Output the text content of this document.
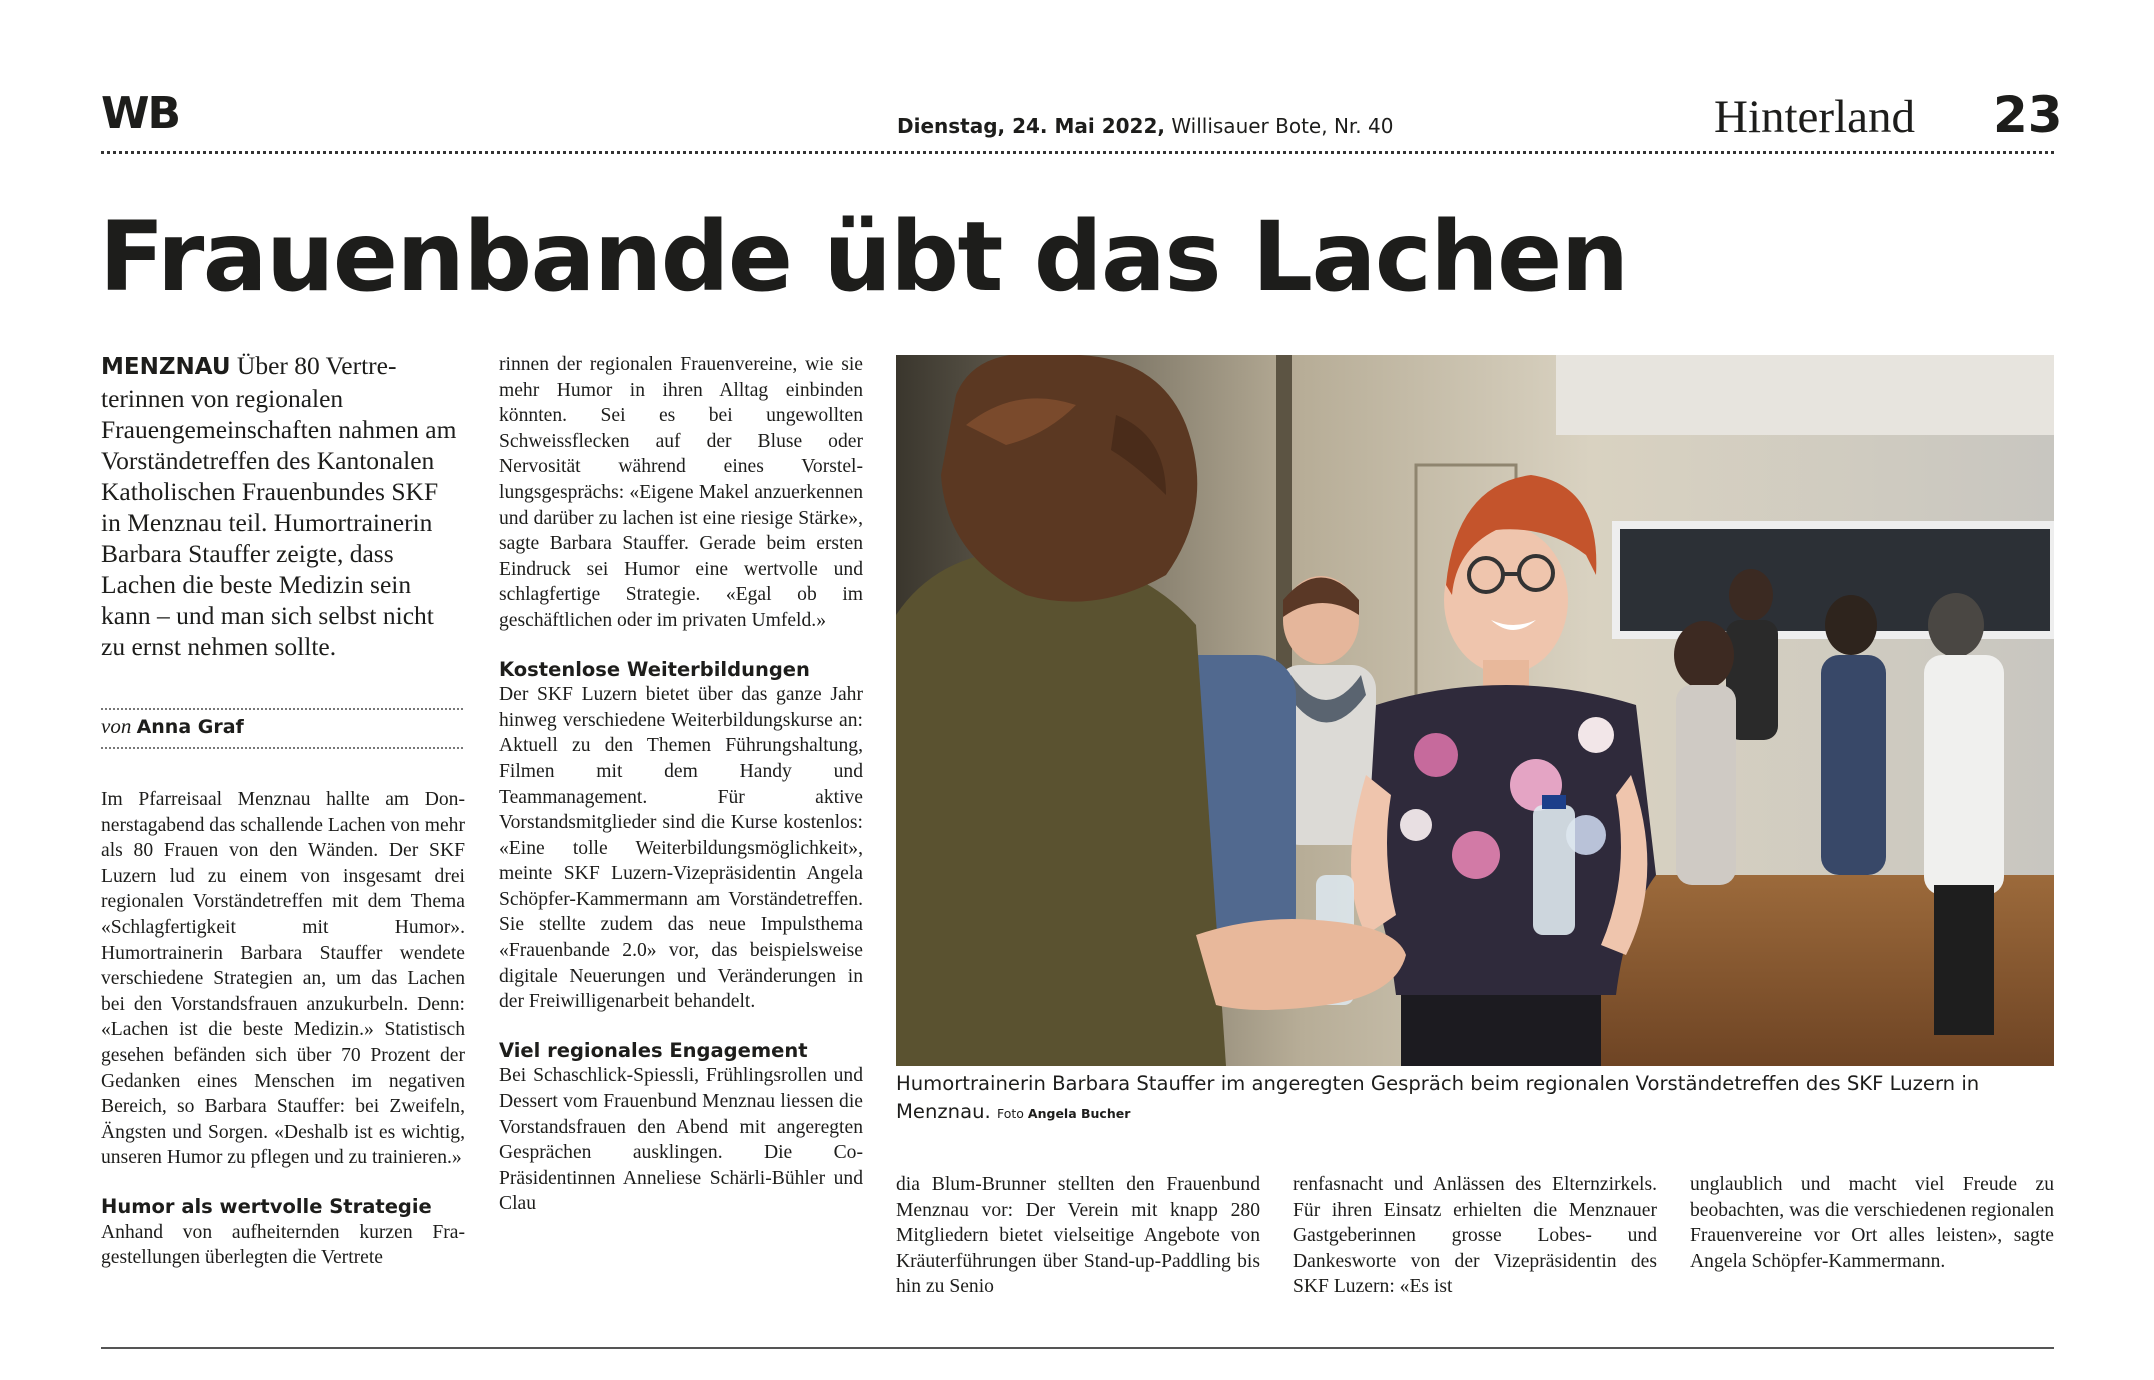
WB	Dienstag, 24. Mai 2022, Willisauer Bote, Nr. 40	Hinterland 23
Frauenbande übt das Lachen
MENZNAU Über 80 Vertreterinnen von regionalen Frauengemeinschaften nahmen am Vorständetreffen des Kantonalen Katholischen Frauenbundes SKF in Menznau teil. Humortrainerin Barbara Stauffer zeigte, dass Lachen die beste Medizin sein kann – und man sich selbst nicht zu ernst nehmen sollte.
von Anna Graf

Im Pfarreisaal Menznau hallte am Donnerstagabend das schallende Lachen von mehr als 80 Frauen von den Wänden. Der SKF Luzern lud zu einem von insgesamt drei regionalen Vorständetreffen mit dem Thema «Schlagfertigkeit mit Humor». Humortrainerin Barbara Stauffer wendete verschiedene Strategien an, um das Lachen bei den Vorstandsfrauen anzukurbeln. Denn: «Lachen ist die beste Medizin.» Statistisch gesehen befänden sich über 70 Prozent der Gedanken eines Menschen im negativen Bereich, so Barbara Stauffer: bei Zweifeln, Ängsten und Sorgen. «Deshalb ist es wichtig, unseren Humor zu pflegen und zu trainieren.»

Humor als wertvolle Strategie

Anhand von aufheiternden kurzen Fragestellungen überlegten die Vertrete

rinnen der regionalen Frauenvereine, wie sie mehr Humor in ihren Alltag einbinden könnten. Sei es bei ungewollten Schweissflecken auf der Bluse oder Nervosität während eines Vorstellungsgesprächs: «Eigene Makel anzuerkennen und darüber zu lachen ist eine riesige Stärke», sagte Barbara Stauffer. Gerade beim ersten Eindruck sei Humor eine wertvolle und schlagfertige Strategie. «Egal ob im geschäftlichen oder im privaten Umfeld.»

Kostenlose Weiterbildungen

Der SKF Luzern bietet über das ganze Jahr hinweg verschiedene Weiterbildungskurse an: Aktuell zu den Themen Führungshaltung, Filmen mit dem Handy und Teammanagement. Für aktive Vorstandsmitglieder sind die Kurse kostenlos: «Eine tolle Weiterbildungsmöglichkeit», meinte SKF Luzern-Vizepräsidentin Angela Schöpfer-Kammermann am Vorständetreffen. Sie stellte zudem das neue Impulsthema «Frauenbande 2.0» vor, das beispielsweise digitale Neuerungen und Veränderungen in der Freiwilligenarbeit behandelt.

Viel regionales Engagement

Bei Schaschlick-Spiessli, Frühlingsrollen und Dessert vom Frauenbund Menznau liessen die Vorstandsfrauen den Abend mit angeregten Gesprächen ausklingen. Die Co-Präsidentinnen Anneliese Schärli-Bühler und Clau

Humortrainerin Barbara Stauffer im angeregten Gespräch beim regionalen Vorständetreffen des SKF Luzern in Menznau. Foto Angela Bucher

dia Blum-Brunner stellten den Frauenbund Menznau vor: Der Verein mit knapp 280 Mitgliedern bietet vielseitige Angebote von Kräuterführungen über Stand-up-Paddling bis hin zu Senio

renfasnacht und Anlässen des Elternzirkels. Für ihren Einsatz erhielten die Menznauer Gastgeberinnen grosse Lobes- und Dankesworte von der Vizepräsidentin des SKF Luzern: «Es ist

unglaublich und macht viel Freude zu beobachten, was die verschiedenen regionalen Frauenvereine vor Ort alles leisten», sagte Angela Schöpfer-Kammermann.
